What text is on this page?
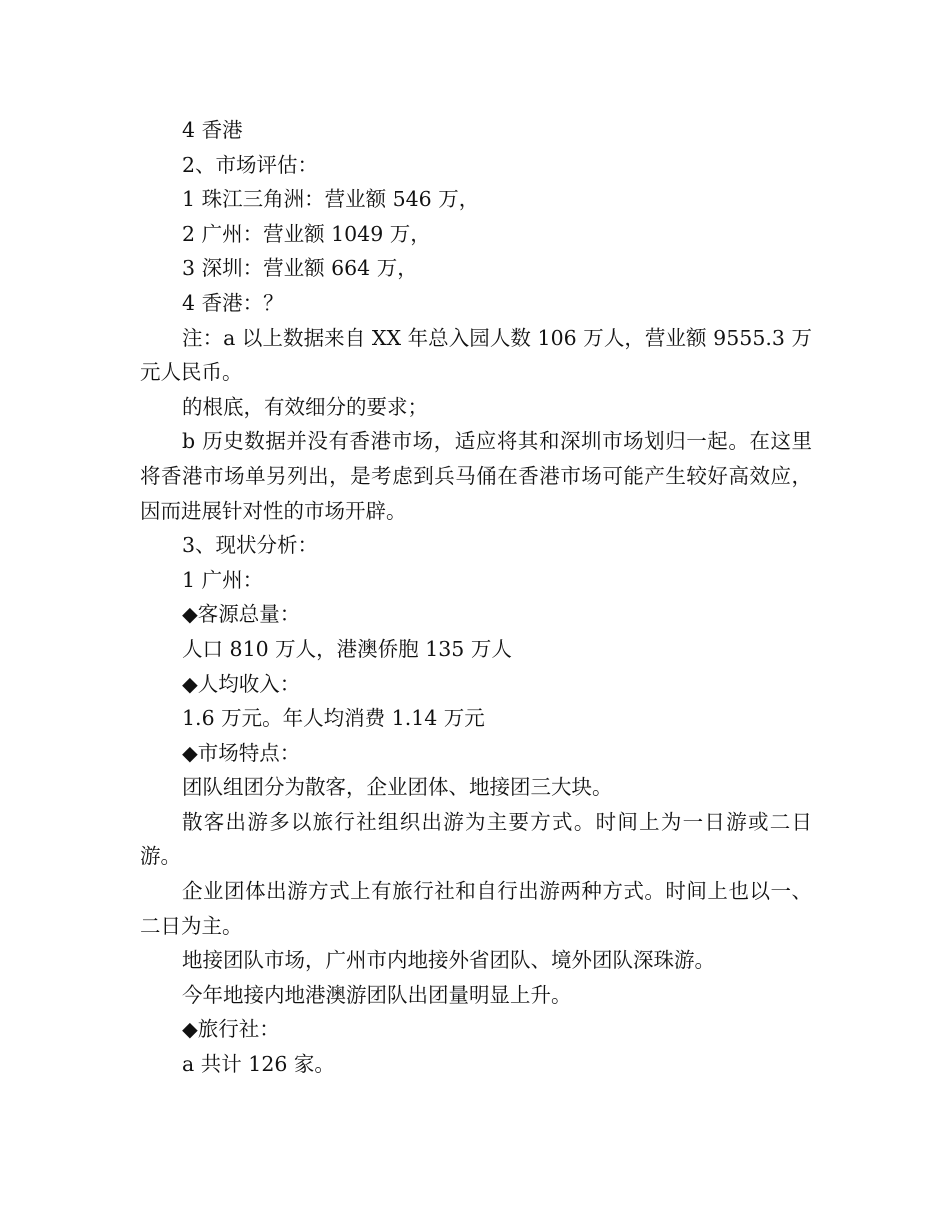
4 香港

2、市场评估：

1 珠江三角洲：营业额 546 万，

2 广州：营业额 1049 万，

3 深圳：营业额 664 万，

4 香港：？

注：a 以上数据来自 XX 年总入园人数 106 万人，营业额 9555.3 万元人民币。

的根底，有效细分的要求；

b 历史数据并没有香港市场，适应将其和深圳市场划归一起。在这里将香港市场单另列出，是考虑到兵马俑在香港市场可能产生较好高效应，因而进展针对性的市场开辟。

3、现状分析：

1 广州：

◆客源总量：

人口 810 万人，港澳侨胞 135 万人

◆人均收入：

1.6 万元。年人均消费 1.14 万元

◆市场特点：

团队组团分为散客，企业团体、地接团三大块。

散客出游多以旅行社组织出游为主要方式。时间上为一日游或二日游。

企业团体出游方式上有旅行社和自行出游两种方式。时间上也以一、二日为主。

地接团队市场，广州市内地接外省团队、境外团队深珠游。

今年地接内地港澳游团队出团量明显上升。

◆旅行社：

a 共计 126 家。
